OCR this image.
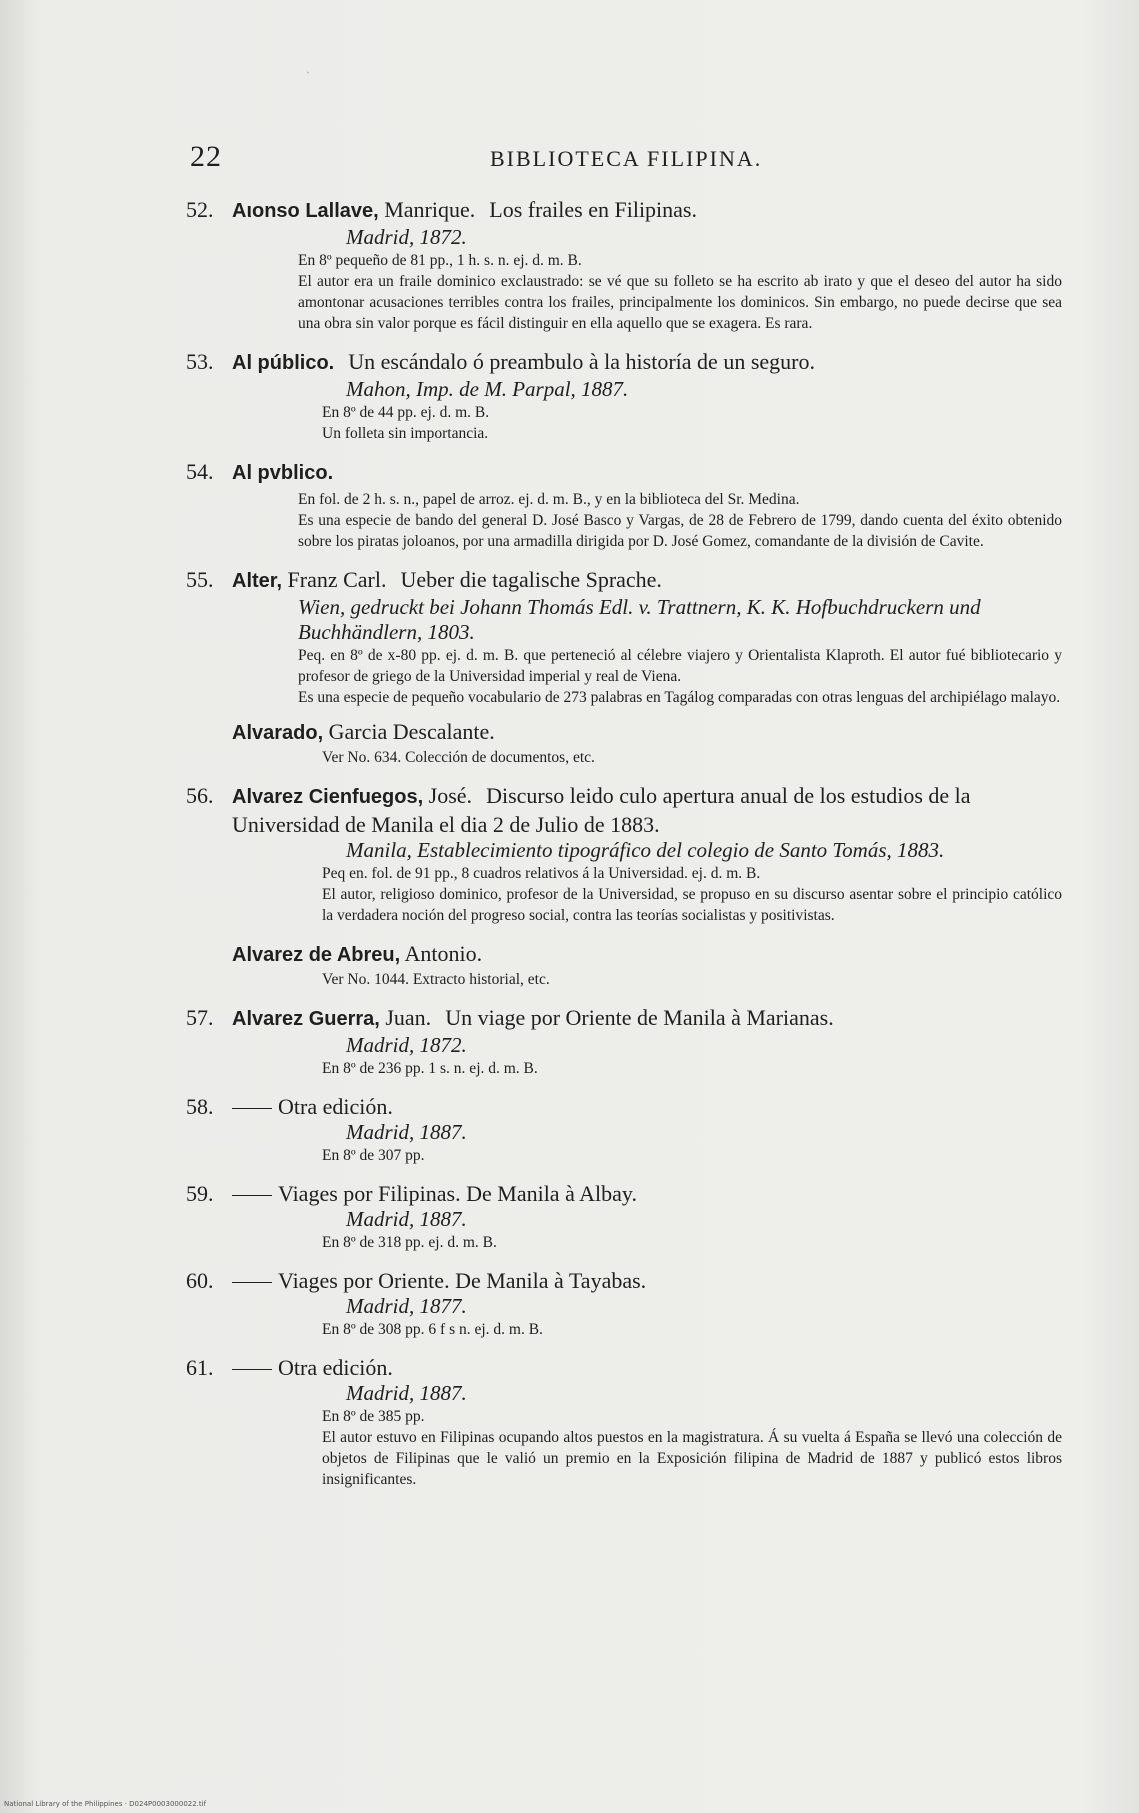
ˎ
22	BIBLIOTECA FILIPINA.
52. Aιonso Lallave, Manrique. Los frailes en Filipinas.
Madrid, 1872.

En 8º pequeño de 81 pp., 1 h. s. n. ej. d. m. B.

El autor era un fraile dominico exclaustrado: se vé que su folleto se ha escrito ab irato y que el deseo del autor ha sido amontonar acusaciones terribles contra los frailes, principalmente los dominicos. Sin embargo, no puede decirse que sea una obra sin valor porque es fácil distinguir en ella aquello que se exagera. Es rara.

53. Al público. Un escándalo ó preambulo à la historía de un seguro.
Mahon, Imp. de M. Parpal, 1887.

En 8º de 44 pp. ej. d. m. B.

Un folleta sin importancia.

54. Al pvblico.

En fol. de 2 h. s. n., papel de arroz. ej. d. m. B., y en la biblioteca del Sr. Medina.

Es una especie de bando del general D. José Basco y Vargas, de 28 de Febrero de 1799, dando cuenta del éxito obtenido sobre los piratas joloanos, por una armadilla dirigida por D. José Gomez, comandante de la división de Cavite.

55. Alter, Franz Carl. Ueber die tagalische Sprache.
Wien, gedruckt bei Johann Thomás Edl. v. Trattnern, K. K. Hofbuchdruckern und Buchhändlern, 1803.

Peq. en 8º de x-80 pp. ej. d. m. B. que perteneció al célebre viajero y Orientalista Klaproth. El autor fué bibliotecario y profesor de griego de la Universidad imperial y real de Viena.

Es una especie de pequeño vocabulario de 273 palabras en Tagálog comparadas con otras lenguas del archipiélago malayo.

Alvarado, Garcia Descalante.

Ver No. 634. Colección de documentos, etc.

56. Alvarez Cienfuegos, José. Discurso leido culo apertura anual de los estudios de la Universidad de Manila el dia 2 de Julio de 1883.
Manila, Establecimiento tipográfico del colegio de Santo Tomás, 1883.

Peq en. fol. de 91 pp., 8 cuadros relativos á la Universidad. ej. d. m. B.

El autor, religioso dominico, profesor de la Universidad, se propuso en su discurso asentar sobre el principio católico la verdadera noción del progreso social, contra las teorías socialistas y positivistas.

Alvarez de Abreu, Antonio.

Ver No. 1044. Extracto historial, etc.

57. Alvarez Guerra, Juan. Un viage por Oriente de Manila à Marianas.
Madrid, 1872.

En 8º de 236 pp. 1 s. n. ej. d. m. B.

58.	Otra edición.
Madrid, 1887.

En 8º de 307 pp.

59.	Viages por Filipinas. De Manila à Albay.
Madrid, 1887.

En 8º de 318 pp. ej. d. m. B.

60.	Viages por Oriente. De Manila à Tayabas.
Madrid, 1877.

En 8º de 308 pp. 6 f s n. ej. d. m. B.

61.	Otra edición.
Madrid, 1887.

En 8º de 385 pp.

El autor estuvo en Filipinas ocupando altos puestos en la magistratura. Á su vuelta á España se llevó una colección de objetos de Filipinas que le valió un premio en la Exposición filipina de Madrid de 1887 y publicó estos libros insignificantes.

National Library of the Philippines · D024P0003000022.tif
